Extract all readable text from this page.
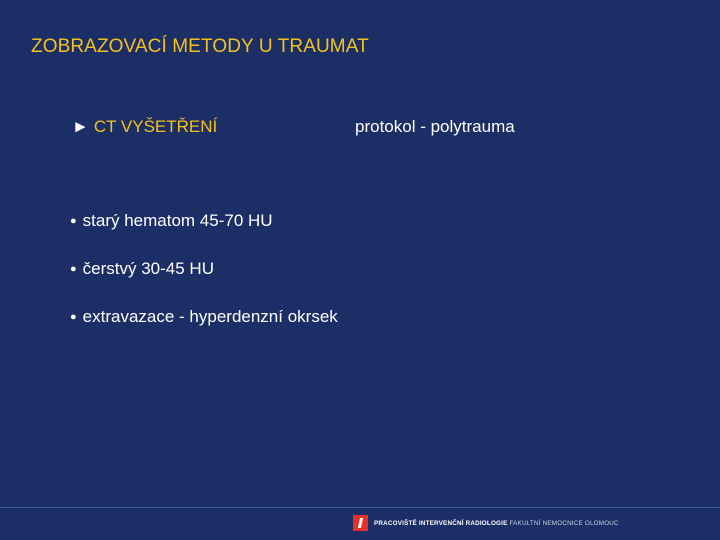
ZOBRAZOVACÍ METODY U TRAUMAT
► CT VYŠETŘENÍ	protokol - polytrauma
● starý hematom 45-70 HU
● čerstvý 30-45 HU
● extravazace - hyperdenzní okrsek
PRACOVIŠTĚ INTERVENČNÍ RADIOLOGIE FAKULTNÍ NEMOCNICE OLOMOUC
